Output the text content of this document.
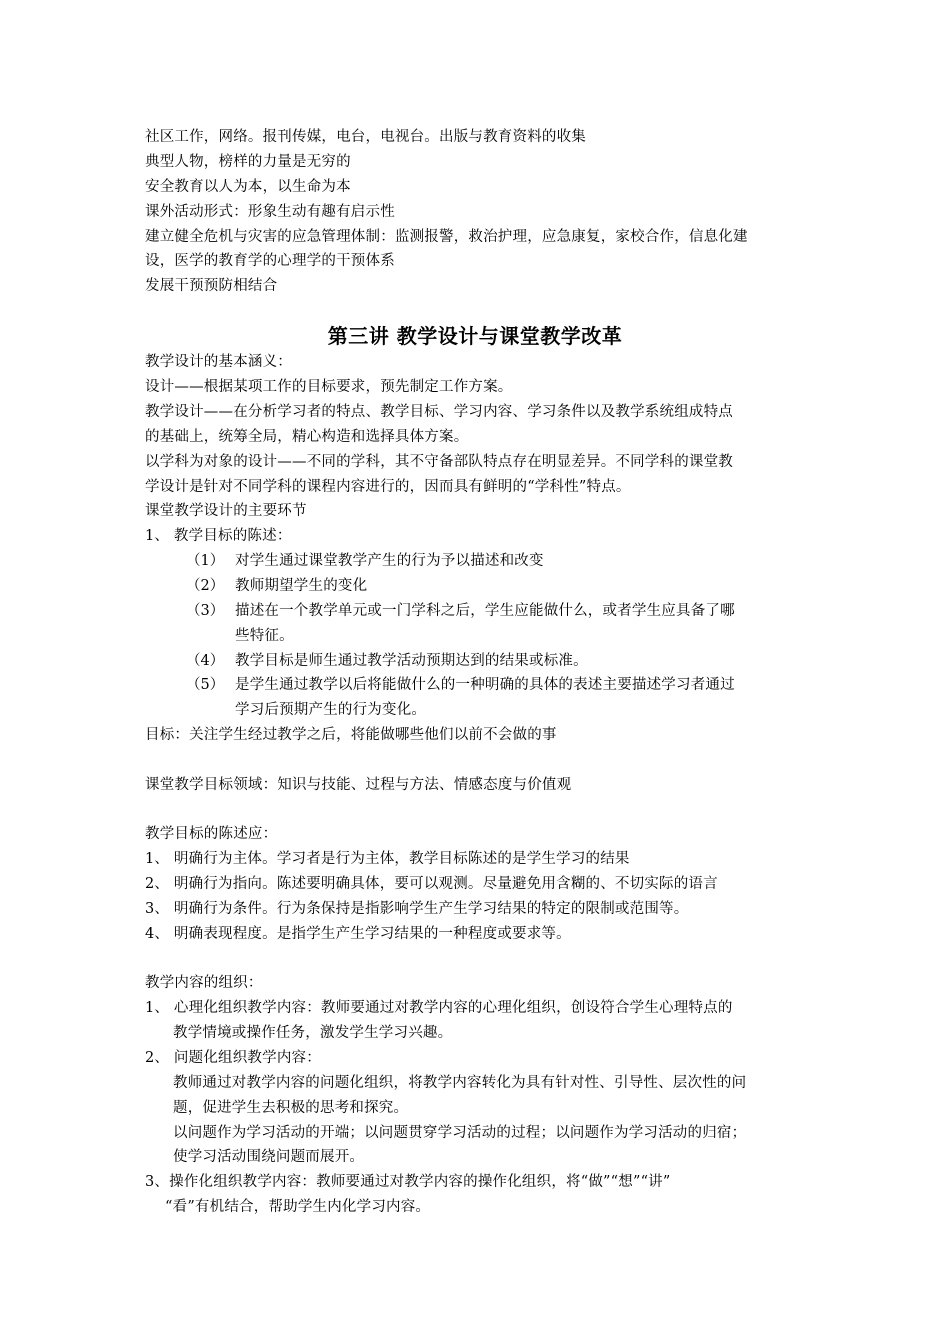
社区工作，网络。报刊传媒，电台，电视台。出版与教育资料的收集
典型人物，榜样的力量是无穷的
安全教育以人为本，以生命为本
课外活动形式：形象生动有趣有启示性
建立健全危机与灾害的应急管理体制：监测报警，救治护理，应急康复，家校合作，信息化建
设，医学的教育学的心理学的干预体系
发展干预预防相结合
第三讲 教学设计与课堂教学改革
教学设计的基本涵义：
设计——根据某项工作的目标要求，预先制定工作方案。
教学设计——在分析学习者的特点、教学目标、学习内容、学习条件以及教学系统组成特点
的基础上，统筹全局，精心构造和选择具体方案。
以学科为对象的设计——不同的学科，其不守备部队特点存在明显差异。不同学科的课堂教
学设计是针对不同学科的课程内容进行的，因而具有鲜明的“学科性”特点。
课堂教学设计的主要环节
1、 教学目标的陈述：
（1） 对学生通过课堂教学产生的行为予以描述和改变
（2） 教师期望学生的变化
（3） 描述在一个教学单元或一门学科之后，学生应能做什么，或者学生应具备了哪
些特征。
（4） 教学目标是师生通过教学活动预期达到的结果或标准。
（5） 是学生通过教学以后将能做什么的一种明确的具体的表述主要描述学习者通过
学习后预期产生的行为变化。
目标：关注学生经过教学之后，将能做哪些他们以前不会做的事
课堂教学目标领域：知识与技能、过程与方法、情感态度与价值观
教学目标的陈述应：
1、 明确行为主体。学习者是行为主体，教学目标陈述的是学生学习的结果
2、 明确行为指向。陈述要明确具体，要可以观测。尽量避免用含糊的、不切实际的语言
3、 明确行为条件。行为条保持是指影响学生产生学习结果的特定的限制或范围等。
4、 明确表现程度。是指学生产生学习结果的一种程度或要求等。
教学内容的组织：
1、 心理化组织教学内容：教师要通过对教学内容的心理化组织，创设符合学生心理特点的
教学情境或操作任务，激发学生学习兴趣。
2、 问题化组织教学内容：
教师通过对教学内容的问题化组织，将教学内容转化为具有针对性、引导性、层次性的问
题，促进学生去积极的思考和探究。
以问题作为学习活动的开端；以问题贯穿学习活动的过程；以问题作为学习活动的归宿；
使学习活动围绕问题而展开。
3、操作化组织教学内容：教师要通过对教学内容的操作化组织，将“做”“想”“讲”
“看”有机结合，帮助学生内化学习内容。
